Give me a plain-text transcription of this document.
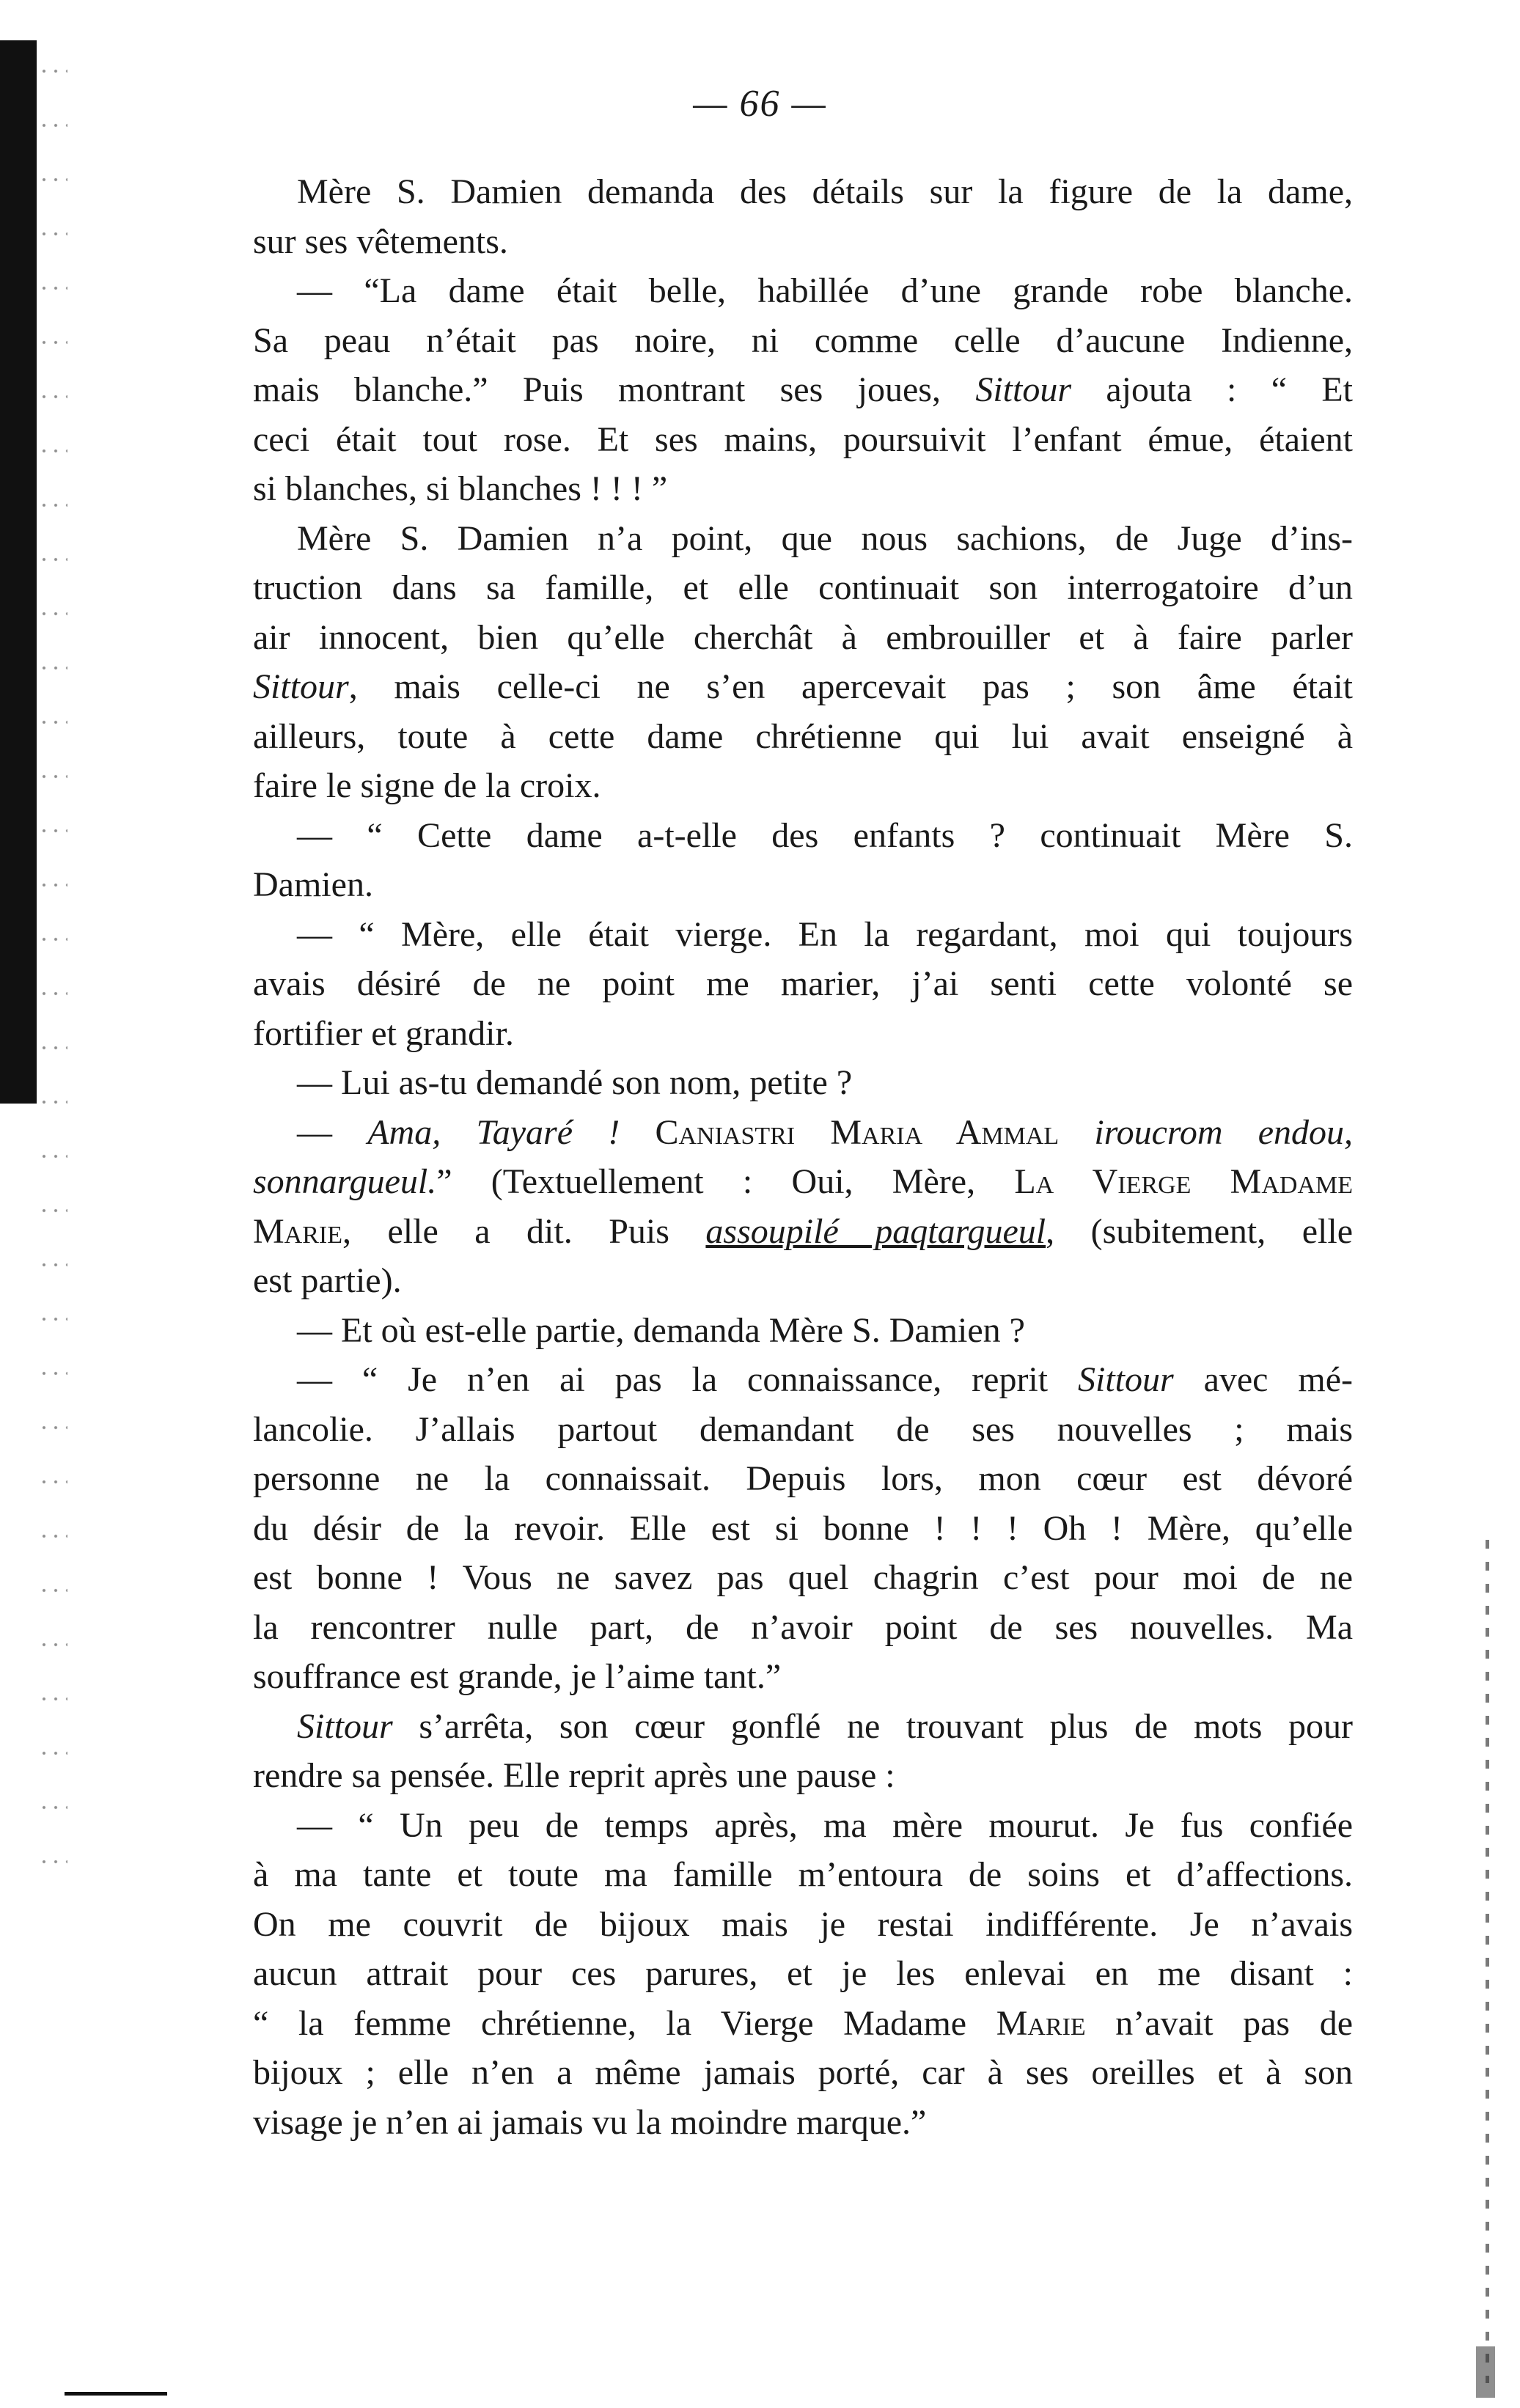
— 66 —
Mère S. Damien demanda des détails sur la figure de la dame,
sur ses vêtements.
— “La dame était belle, habillée d’une grande robe blanche.
Sa peau n’était pas noire, ni comme celle d’aucune Indienne,
mais blanche.” Puis montrant ses joues, Sittour ajouta : “ Et
ceci était tout rose. Et ses mains, poursuivit l’enfant émue, étaient
si blanches, si blanches ! ! ! ”
Mère S. Damien n’a point, que nous sachions, de Juge d’ins-
truction dans sa famille, et elle continuait son interrogatoire d’un
air innocent, bien qu’elle cherchât à embrouiller et à faire parler
Sittour, mais celle-ci ne s’en apercevait pas ; son âme était
ailleurs, toute à cette dame chrétienne qui lui avait enseigné à
faire le signe de la croix.
— “ Cette dame a-t-elle des enfants ? continuait Mère S.
Damien.
— “ Mère, elle était vierge. En la regardant, moi qui toujours
avais désiré de ne point me marier, j’ai senti cette volonté se
fortifier et grandir.
— Lui as-tu demandé son nom, petite ?
— Ama, Tayaré ! Caniastri Maria Ammal iroucrom endou,
sonnargueul.” (Textuellement : Oui, Mère, La Vierge Madame
Marie, elle a dit. Puis assoupilé paqtargueul, (subitement, elle
est partie).
— Et où est-elle partie, demanda Mère S. Damien ?
— “ Je n’en ai pas la connaissance, reprit Sittour avec mé-
lancolie. J’allais partout demandant de ses nouvelles ; mais
personne ne la connaissait. Depuis lors, mon cœur est dévoré
du désir de la revoir. Elle est si bonne ! ! ! Oh ! Mère, qu’elle
est bonne ! Vous ne savez pas quel chagrin c’est pour moi de ne
la rencontrer nulle part, de n’avoir point de ses nouvelles. Ma
souffrance est grande, je l’aime tant.”
Sittour s’arrêta, son cœur gonflé ne trouvant plus de mots pour
rendre sa pensée. Elle reprit après une pause :
— “ Un peu de temps après, ma mère mourut. Je fus confiée
à ma tante et toute ma famille m’entoura de soins et d’affections.
On me couvrit de bijoux mais je restai indifférente. Je n’avais
aucun attrait pour ces parures, et je les enlevai en me disant :
“ la femme chrétienne, la Vierge Madame Marie n’avait pas de
bijoux ; elle n’en a même jamais porté, car à ses oreilles et à son
visage je n’en ai jamais vu la moindre marque.”
